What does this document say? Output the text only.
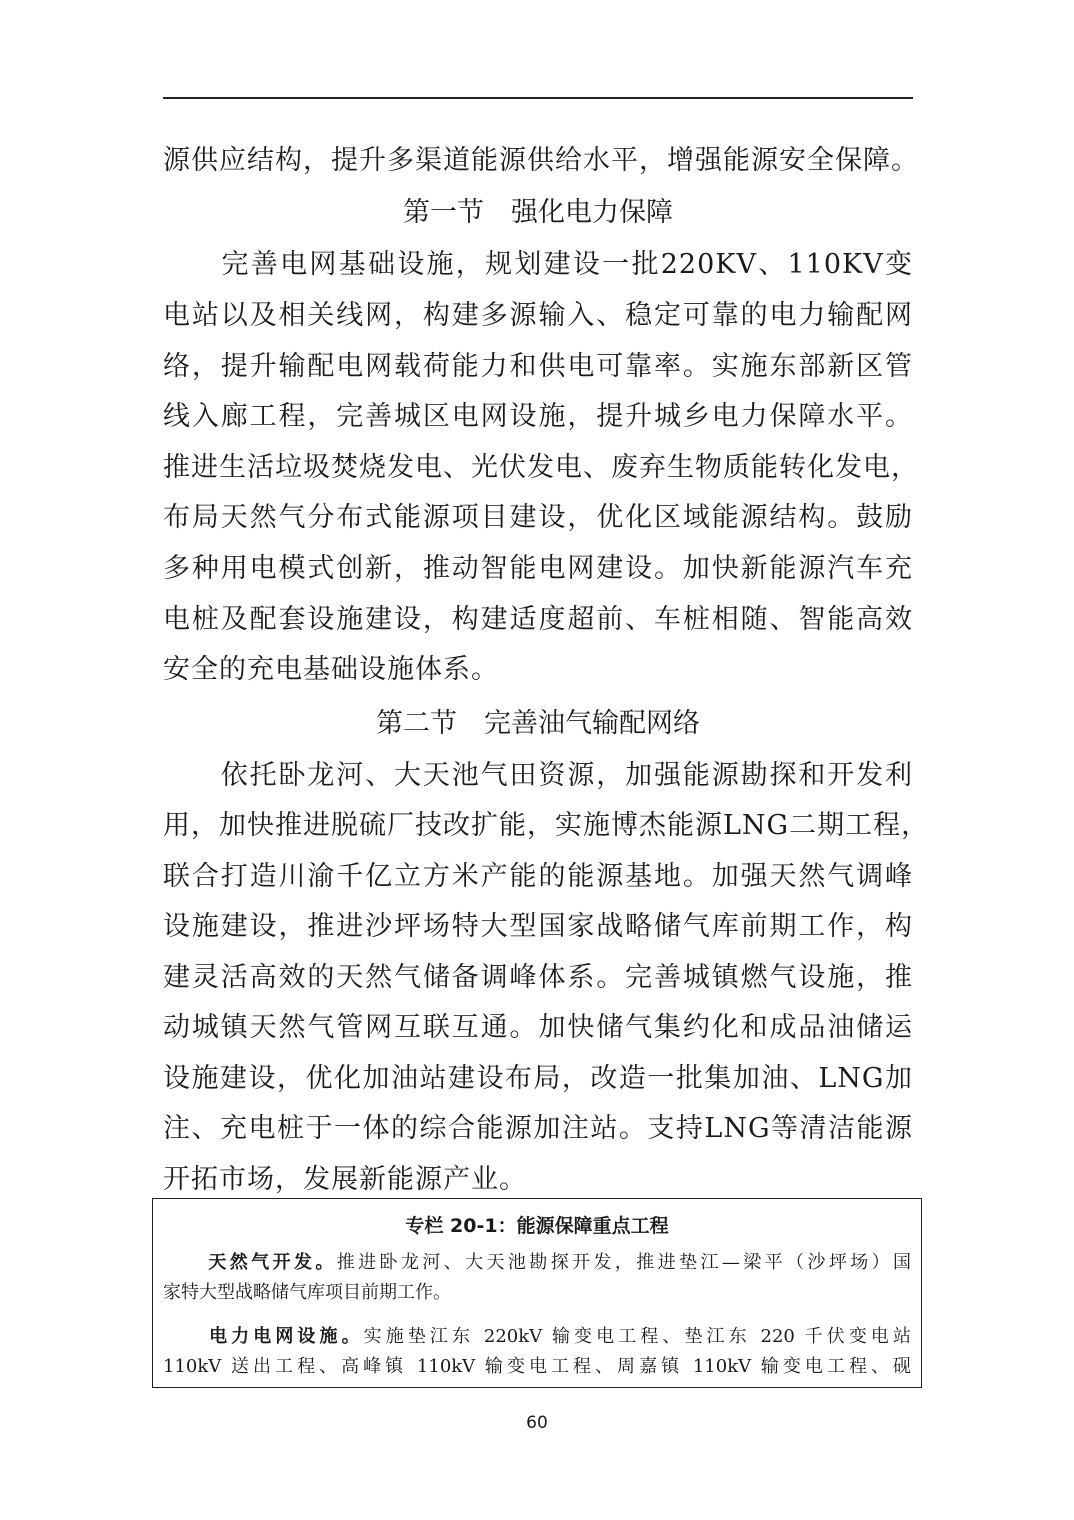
源供应结构，提升多渠道能源供给水平，增强能源安全保障。
第一节　强化电力保障
　　完善电网基础设施，规划建设一批220KV、110KV变
电站以及相关线网，构建多源输入、稳定可靠的电力输配网
络，提升输配电网载荷能力和供电可靠率。实施东部新区管
线入廊工程，完善城区电网设施，提升城乡电力保障水平。
推进生活垃圾焚烧发电、光伏发电、废弃生物质能转化发电，
布局天然气分布式能源项目建设，优化区域能源结构。鼓励
多种用电模式创新，推动智能电网建设。加快新能源汽车充
电桩及配套设施建设，构建适度超前、车桩相随、智能高效
安全的充电基础设施体系。
第二节　完善油气输配网络
　　依托卧龙河、大天池气田资源，加强能源勘探和开发利
用，加快推进脱硫厂技改扩能，实施博杰能源LNG二期工程，
联合打造川渝千亿立方米产能的能源基地。加强天然气调峰
设施建设，推进沙坪场特大型国家战略储气库前期工作，构
建灵活高效的天然气储备调峰体系。完善城镇燃气设施，推
动城镇天然气管网互联互通。加快储气集约化和成品油储运
设施建设，优化加油站建设布局，改造一批集加油、LNG加
注、充电桩于一体的综合能源加注站。支持LNG等清洁能源
开拓市场，发展新能源产业。
专栏 20-1：能源保障重点工程
天然气开发。推进卧龙河、大天池勘探开发，推进垫江—梁平（沙坪场）国
家特大型战略储气库项目前期工作。
电力电网设施。实施垫江东 220kV 输变电工程、垫江东 220 千伏变电站
110kV 送出工程、高峰镇 110kV 输变电工程、周嘉镇 110kV 输变电工程、砚
60
